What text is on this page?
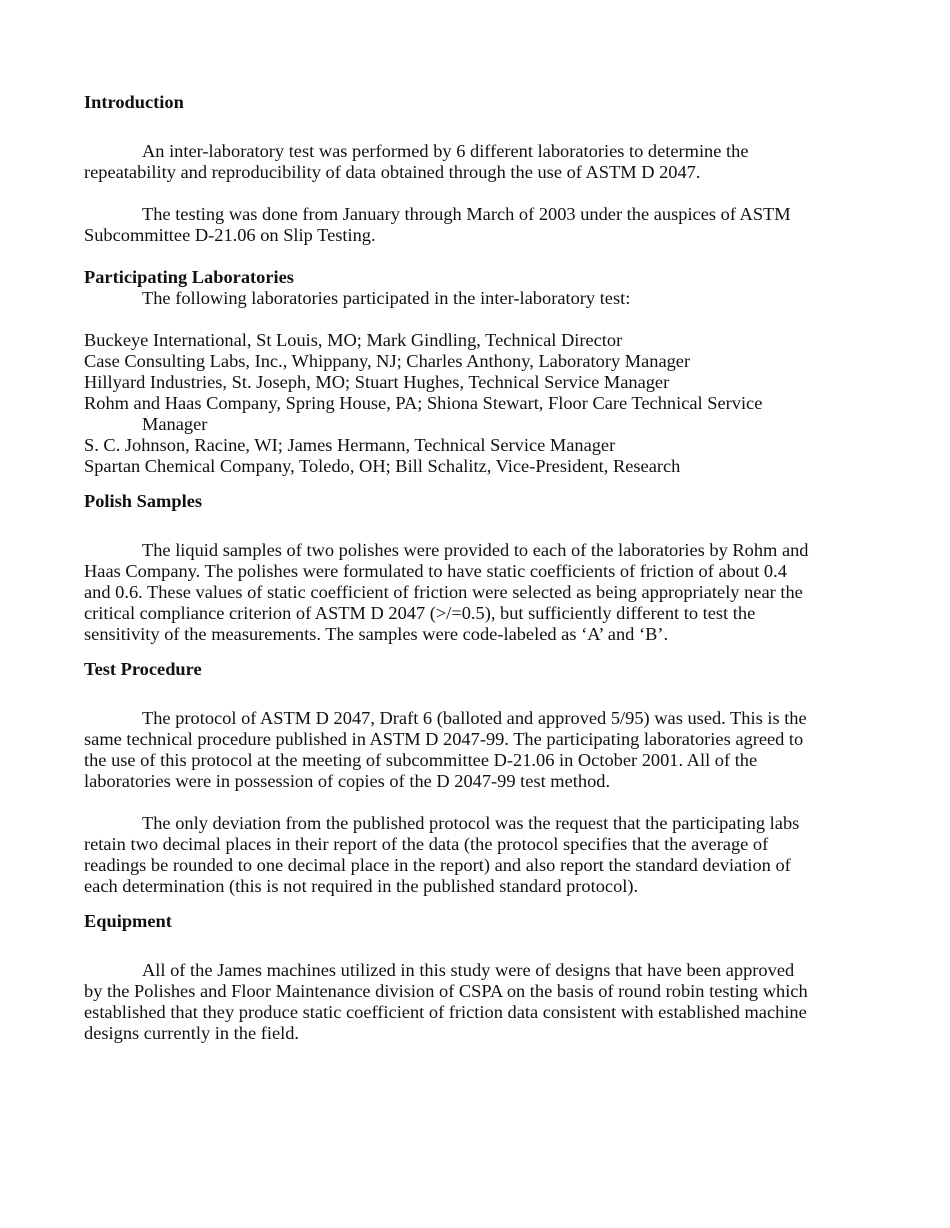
Introduction

An inter-laboratory test was performed by 6 different laboratories to determine the repeatability and reproducibility of data obtained through the use of ASTM D 2047.

The testing was done from January through March of 2003 under the auspices of ASTM Subcommittee D-21.06 on Slip Testing.

Participating Laboratories

The following laboratories participated in the inter-laboratory test:

Buckeye International, St Louis, MO; Mark Gindling, Technical Director
Case Consulting Labs, Inc., Whippany, NJ; Charles Anthony, Laboratory Manager
Hillyard Industries, St. Joseph, MO; Stuart Hughes, Technical Service Manager
Rohm and Haas Company, Spring House, PA; Shiona Stewart, Floor Care Technical Service Manager
S. C. Johnson, Racine, WI; James Hermann, Technical Service Manager
Spartan Chemical Company, Toledo, OH; Bill Schalitz, Vice-President, Research

Polish Samples

The liquid samples of two polishes were provided to each of the laboratories by Rohm and Haas Company. The polishes were formulated to have static coefficients of friction of about 0.4 and 0.6. These values of static coefficient of friction were selected as being appropriately near the critical compliance criterion of ASTM D 2047 (>/=0.5), but sufficiently different to test the sensitivity of the measurements. The samples were code-labeled as ‘A’ and ‘B’.

Test Procedure

The protocol of ASTM D 2047, Draft 6 (balloted and approved 5/95) was used. This is the same technical procedure published in ASTM D 2047-99. The participating laboratories agreed to the use of this protocol at the meeting of subcommittee D-21.06 in October 2001. All of the laboratories were in possession of copies of the D 2047-99 test method.

The only deviation from the published protocol was the request that the participating labs retain two decimal places in their report of the data (the protocol specifies that the average of readings be rounded to one decimal place in the report) and also report the standard deviation of each determination (this is not required in the published standard protocol).

Equipment

All of the James machines utilized in this study were of designs that have been approved by the Polishes and Floor Maintenance division of CSPA on the basis of round robin testing which established that they produce static coefficient of friction data consistent with established machine designs currently in the field.
